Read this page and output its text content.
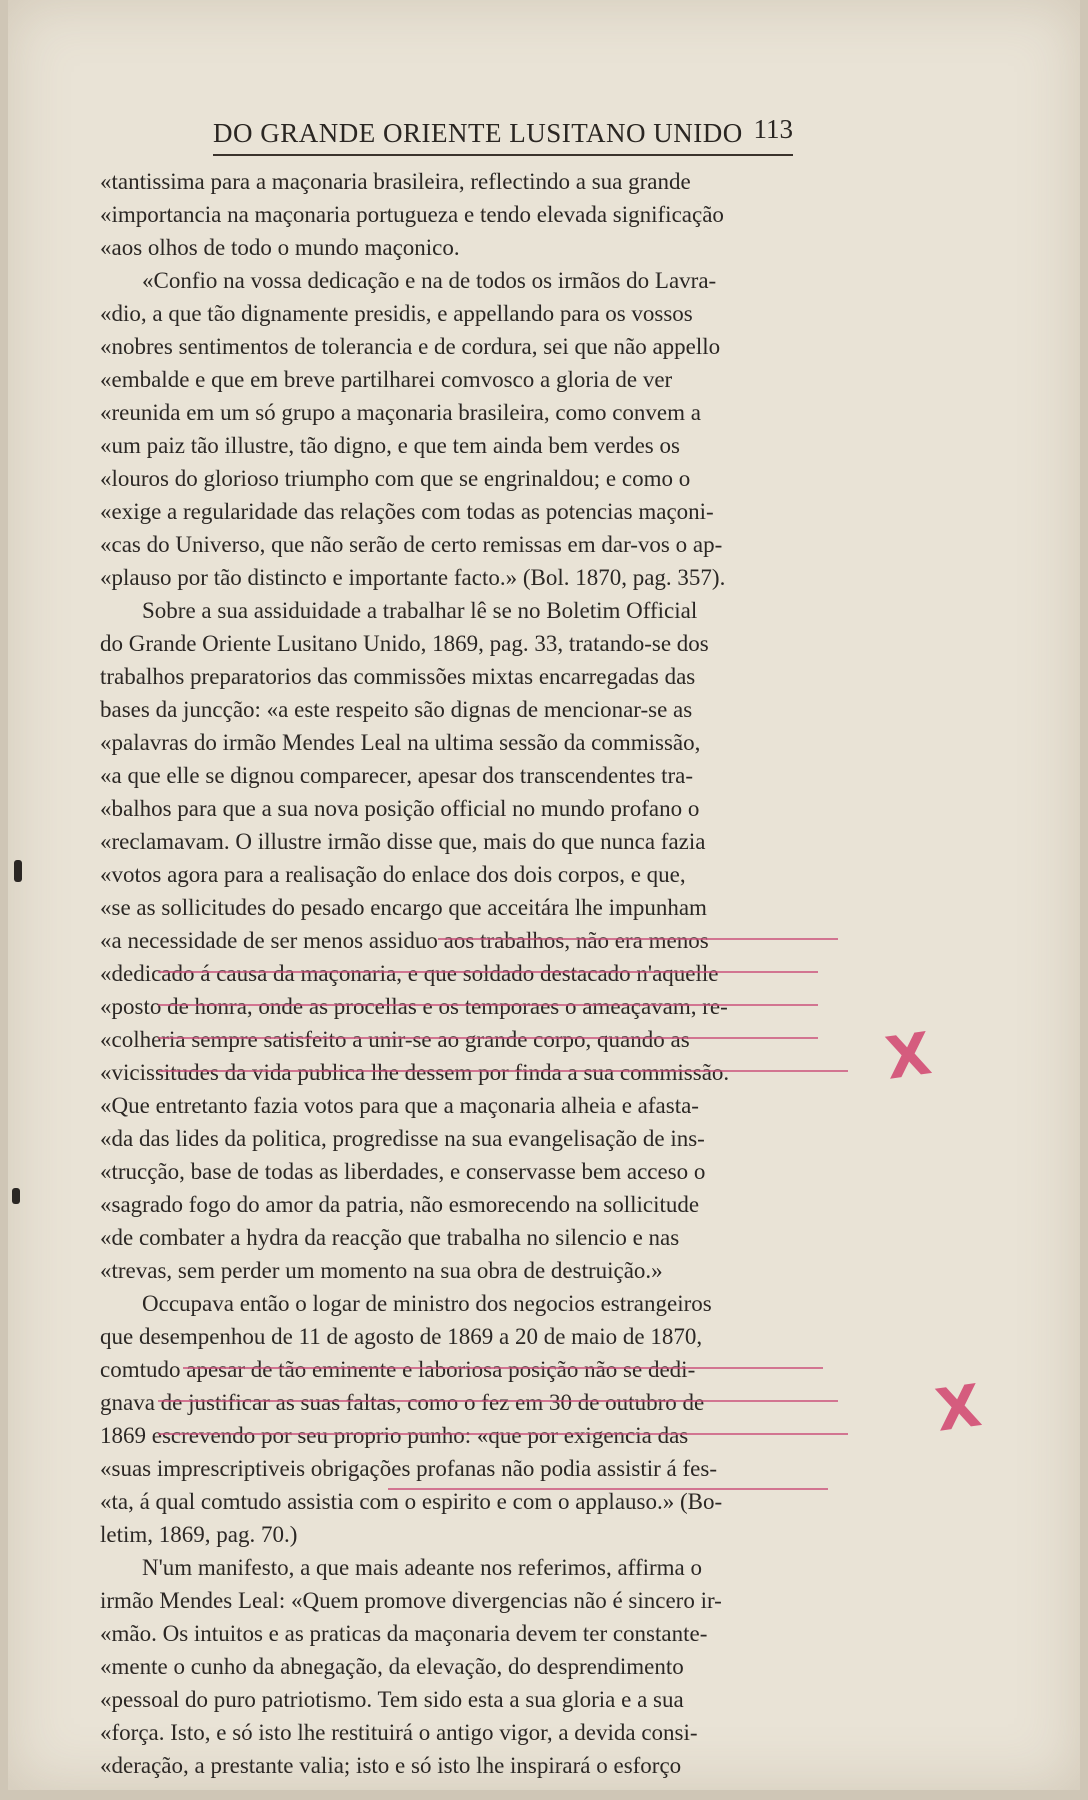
DO GRANDE ORIENTE LUSITANO UNIDO 113
«tantissima para a maçonaria brasileira, reflectindo a sua grande
«importancia na maçonaria portugueza e tendo elevada significação
«aos olhos de todo o mundo maçonico.
«Confio na vossa dedicação e na de todos os irmãos do Lavra-
«dio, a que tão dignamente presidis, e appellando para os vossos
«nobres sentimentos de tolerancia e de cordura, sei que não appello
«embalde e que em breve partilharei comvosco a gloria de ver
«reunida em um só grupo a maçonaria brasileira, como convem a
«um paiz tão illustre, tão digno, e que tem ainda bem verdes os
«louros do glorioso triumpho com que se engrinaldou; e como o
«exige a regularidade das relações com todas as potencias maçoni-
«cas do Universo, que não serão de certo remissas em dar-vos o ap-
«plauso por tão distincto e importante facto.» (Bol. 1870, pag. 357).
Sobre a sua assiduidade a trabalhar lê se no Boletim Official
do Grande Oriente Lusitano Unido, 1869, pag. 33, tratando-se dos
trabalhos preparatorios das commissões mixtas encarregadas das
bases da juncção: «a este respeito são dignas de mencionar-se as
«palavras do irmão Mendes Leal na ultima sessão da commissão,
«a que elle se dignou comparecer, apesar dos transcendentes tra-
«balhos para que a sua nova posição official no mundo profano o
«reclamavam. O illustre irmão disse que, mais do que nunca fazia
«votos agora para a realisação do enlace dos dois corpos, e que,
«se as sollicitudes do pesado encargo que acceitára lhe impunham
«a necessidade de ser menos assiduo aos trabalhos, não era menos
«dedicado á causa da maçonaria, e que soldado destacado n'aquelle
«posto de honra, onde as procellas e os temporaes o ameaçavam, re-
«colheria sempre satisfeito a unir-se ao grande corpo, quando as
«vicissitudes da vida publica lhe dessem por finda a sua commissão.
«Que entretanto fazia votos para que a maçonaria alheia e afasta-
«da das lides da politica, progredisse na sua evangelisação de ins-
«trucção, base de todas as liberdades, e conservasse bem acceso o
«sagrado fogo do amor da patria, não esmorecendo na sollicitude
«de combater a hydra da reacção que trabalha no silencio e nas
«trevas, sem perder um momento na sua obra de destruição.»
Occupava então o logar de ministro dos negocios estrangeiros
que desempenhou de 11 de agosto de 1869 a 20 de maio de 1870,
comtudo apesar de tão eminente e laboriosa posição não se dedi-
gnava de justificar as suas faltas, como o fez em 30 de outubro de
1869 escrevendo por seu proprio punho: «que por exigencia das
«suas imprescriptiveis obrigações profanas não podia assistir á fes-
«ta, á qual comtudo assistia com o espirito e com o applauso.» (Bo-
letim, 1869, pag. 70.)
N'um manifesto, a que mais adeante nos referimos, affirma o
irmão Mendes Leal: «Quem promove divergencias não é sincero ir-
«mão. Os intuitos e as praticas da maçonaria devem ter constante-
«mente o cunho da abnegação, da elevação, do desprendimento
«pessoal do puro patriotismo. Tem sido esta a sua gloria e a sua
«força. Isto, e só isto lhe restituirá o antigo vigor, a devida consi-
«deração, a prestante valia; isto e só isto lhe inspirará o esforço
X
X
